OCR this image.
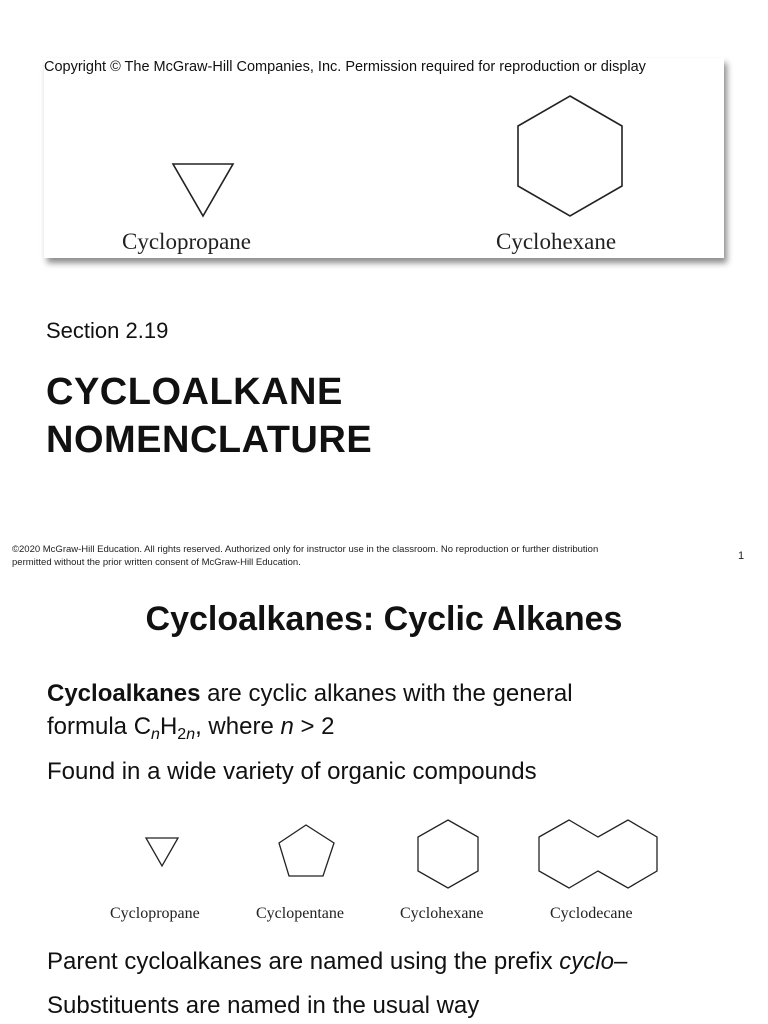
Copyright © The McGraw-Hill Companies, Inc. Permission required for reproduction or display
Cyclopropane	Cyclohexane
Section 2.19
CYCLOALKANE
NOMENCLATURE
©2020 McGraw-Hill Education. All rights reserved. Authorized only for instructor use in the classroom. No reproduction or further distribution
permitted without the prior written consent of McGraw-Hill Education.	1
Cycloalkanes: Cyclic Alkanes
Cycloalkanes are cyclic alkanes with the general
formula $C_nH_{2n}$, where n > 2
Found in a wide variety of organic compounds
Cyclopropane	Cyclopentane	Cyclohexane	Cyclodecane
Parent cycloalkanes are named using the prefix cyclo–
Substituents are named in the usual way
